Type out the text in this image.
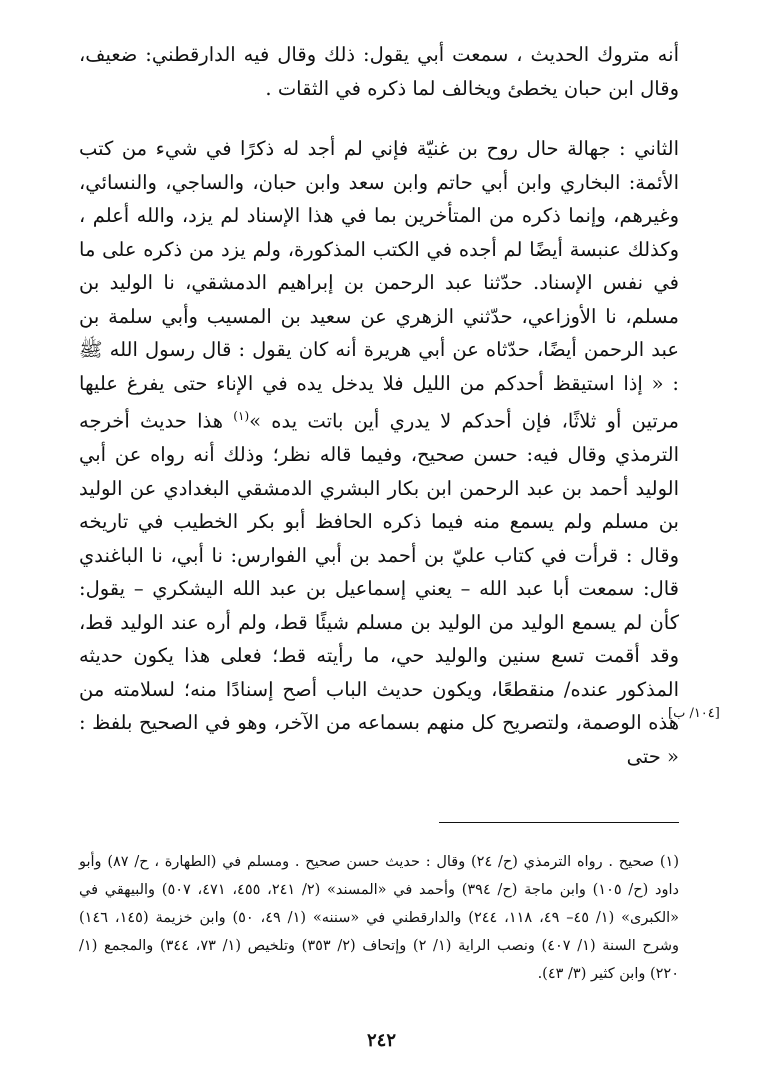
أنه متروك الحديث ، سمعت أبي يقول: ذلك وقال فيه الدارقطني: ضعيف، وقال ابن حبان يخطئ ويخالف لما ذكره في الثقات .
الثاني : جهالة حال روح بن غنيّة فإني لم أجد له ذكرًا في شيء من كتب الأئمة: البخاري وابن أبي حاتم وابن سعد وابن حبان، والساجي، والنسائي، وغيرهم، وإنما ذكره من المتأخرين بما في هذا الإسناد لم يزد، والله أعلم ، وكذلك عنبسة أيضًا لم أجده في الكتب المذكورة، ولم يزد من ذكره على ما في نفس الإسناد. حدّثنا عبد الرحمن بن إبراهيم الدمشقي، نا الوليد بن مسلم، نا الأوزاعي، حدّثني الزهري عن سعيد بن المسيب وأبي سلمة بن عبد الرحمن أيضًا، حدّثاه عن أبي هريرة أنه كان يقول : قال رسول الله ﷺ : « إذا استيقظ أحدكم من الليل فلا يدخل يده في الإناء حتى يفرغ عليها مرتين أو ثلاثًا، فإن أحدكم لا يدري أين باتت يده »$^{(١)}$ هذا حديث أخرجه الترمذي وقال فيه: حسن صحيح، وفيما قاله نظر؛ وذلك أنه رواه عن أبي الوليد أحمد بن عبد الرحمن ابن بكار البشري الدمشقي البغدادي عن الوليد بن مسلم ولم يسمع منه فيما ذكره الحافظ أبو بكر الخطيب في تاريخه وقال : قرأت في كتاب عليّ بن أحمد بن أبي الفوارس: نا أبي، نا الباغندي قال: سمعت أبا عبد الله – يعني إسماعيل بن عبد الله اليشكري – يقول: كأن لم يسمع الوليد من الوليد بن مسلم شيئًا قط، ولم أره عند الوليد قط، وقد أقمت تسع سنين والوليد حي، ما رأيته قط؛ فعلى هذا يكون حديثه المذكور عنده/ منقطعًا، ويكون حديث الباب أصح إسنادًا منه؛ لسلامته من هذه الوصمة، ولتصريح كل منهم بسماعه من الآخر، وهو في الصحيح بلفظ : « حتى
[١٠٤/ ب]
(١) صحيح . رواه الترمذي (ح/ ٢٤) وقال : حديث حسن صحيح . ومسلم في (الطهارة ، ح/ ٨٧) وأبو داود (ح/ ١٠٥) وابن ماجة (ح/ ٣٩٤) وأحمد في «المسند» (٢/ ٢٤١، ٤٥٥، ٤٧١، ٥٠٧) والبيهقي في «الكبرى» (١/ ٤٥– ٤٩، ١١٨، ٢٤٤) والدارقطني في «سننه» (١/ ٤٩، ٥٠) وابن خزيمة (١٤٥، ١٤٦) وشرح السنة (١/ ٤٠٧) ونصب الراية (١/ ٢) وإتحاف (٢/ ٣٥٣) وتلخيص (١/ ٧٣، ٣٤٤) والمجمع (١/ ٢٢٠) وابن كثير (٣/ ٤٣).
٢٤٢
